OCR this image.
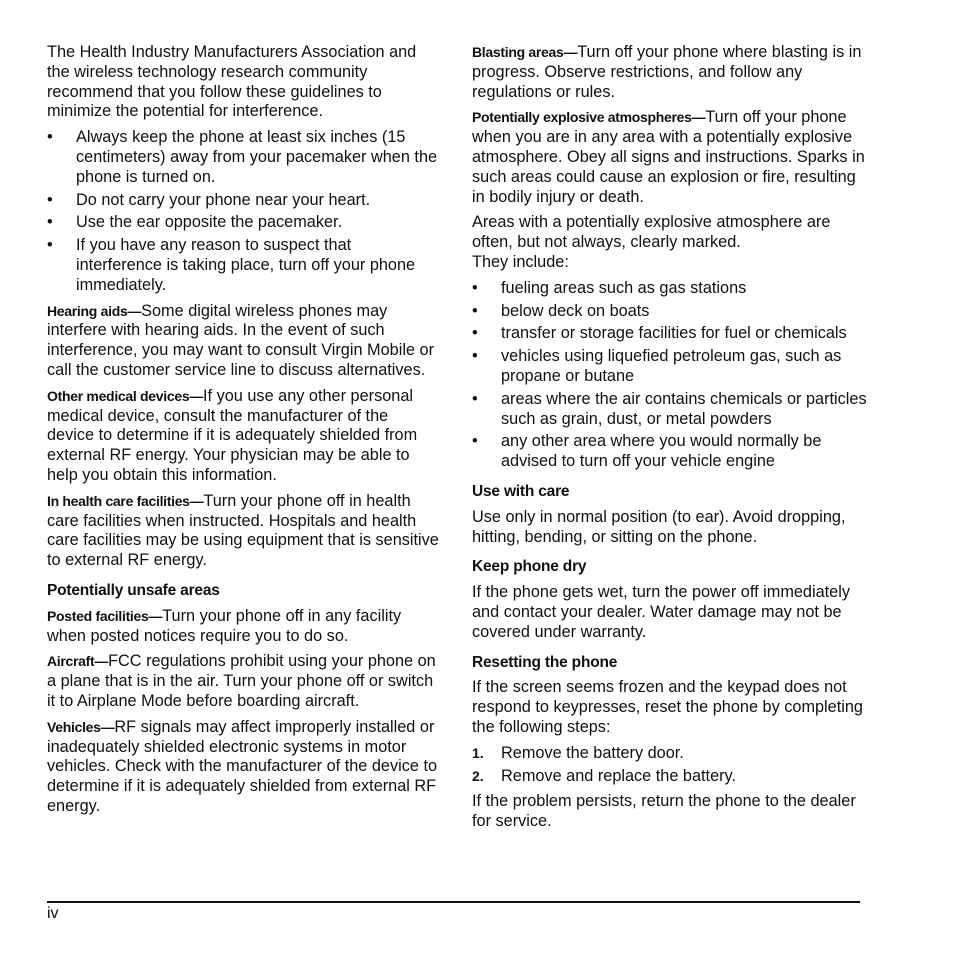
The Health Industry Manufacturers Association and the wireless technology research community recommend that you follow these guidelines to minimize the potential for interference.

• Always keep the phone at least six inches (15 centimeters) away from your pacemaker when the phone is turned on.
• Do not carry your phone near your heart.
• Use the ear opposite the pacemaker.
• If you have any reason to suspect that interference is taking place, turn off your phone immediately.

Hearing aids—Some digital wireless phones may interfere with hearing aids. In the event of such interference, you may want to consult Virgin Mobile or call the customer service line to discuss alternatives.

Other medical devices—If you use any other personal medical device, consult the manufacturer of the device to determine if it is adequately shielded from external RF energy. Your physician may be able to help you obtain this information.

In health care facilities—Turn your phone off in health care facilities when instructed. Hospitals and health care facilities may be using equipment that is sensitive to external RF energy.

Potentially unsafe areas

Posted facilities—Turn your phone off in any facility when posted notices require you to do so.

Aircraft—FCC regulations prohibit using your phone on a plane that is in the air. Turn your phone off or switch it to Airplane Mode before boarding aircraft.

Vehicles—RF signals may affect improperly installed or inadequately shielded electronic systems in motor vehicles. Check with the manufacturer of the device to determine if it is adequately shielded from external RF energy.

Blasting areas—Turn off your phone where blasting is in progress. Observe restrictions, and follow any regulations or rules.

Potentially explosive atmospheres—Turn off your phone when you are in any area with a potentially explosive atmosphere. Obey all signs and instructions. Sparks in such areas could cause an explosion or fire, resulting in bodily injury or death.

Areas with a potentially explosive atmosphere are often, but not always, clearly marked.
They include:

• fueling areas such as gas stations
• below deck on boats
• transfer or storage facilities for fuel or chemicals
• vehicles using liquefied petroleum gas, such as propane or butane
• areas where the air contains chemicals or particles such as grain, dust, or metal powders
• any other area where you would normally be advised to turn off your vehicle engine
Use with care

Use only in normal position (to ear). Avoid dropping, hitting, bending, or sitting on the phone.

Keep phone dry

If the phone gets wet, turn the power off immediately and contact your dealer. Water damage may not be covered under warranty.

Resetting the phone

If the screen seems frozen and the keypad does not respond to keypresses, reset the phone by completing the following steps:

1. Remove the battery door.
2. Remove and replace the battery.

If the problem persists, return the phone to the dealer for service.

iv
